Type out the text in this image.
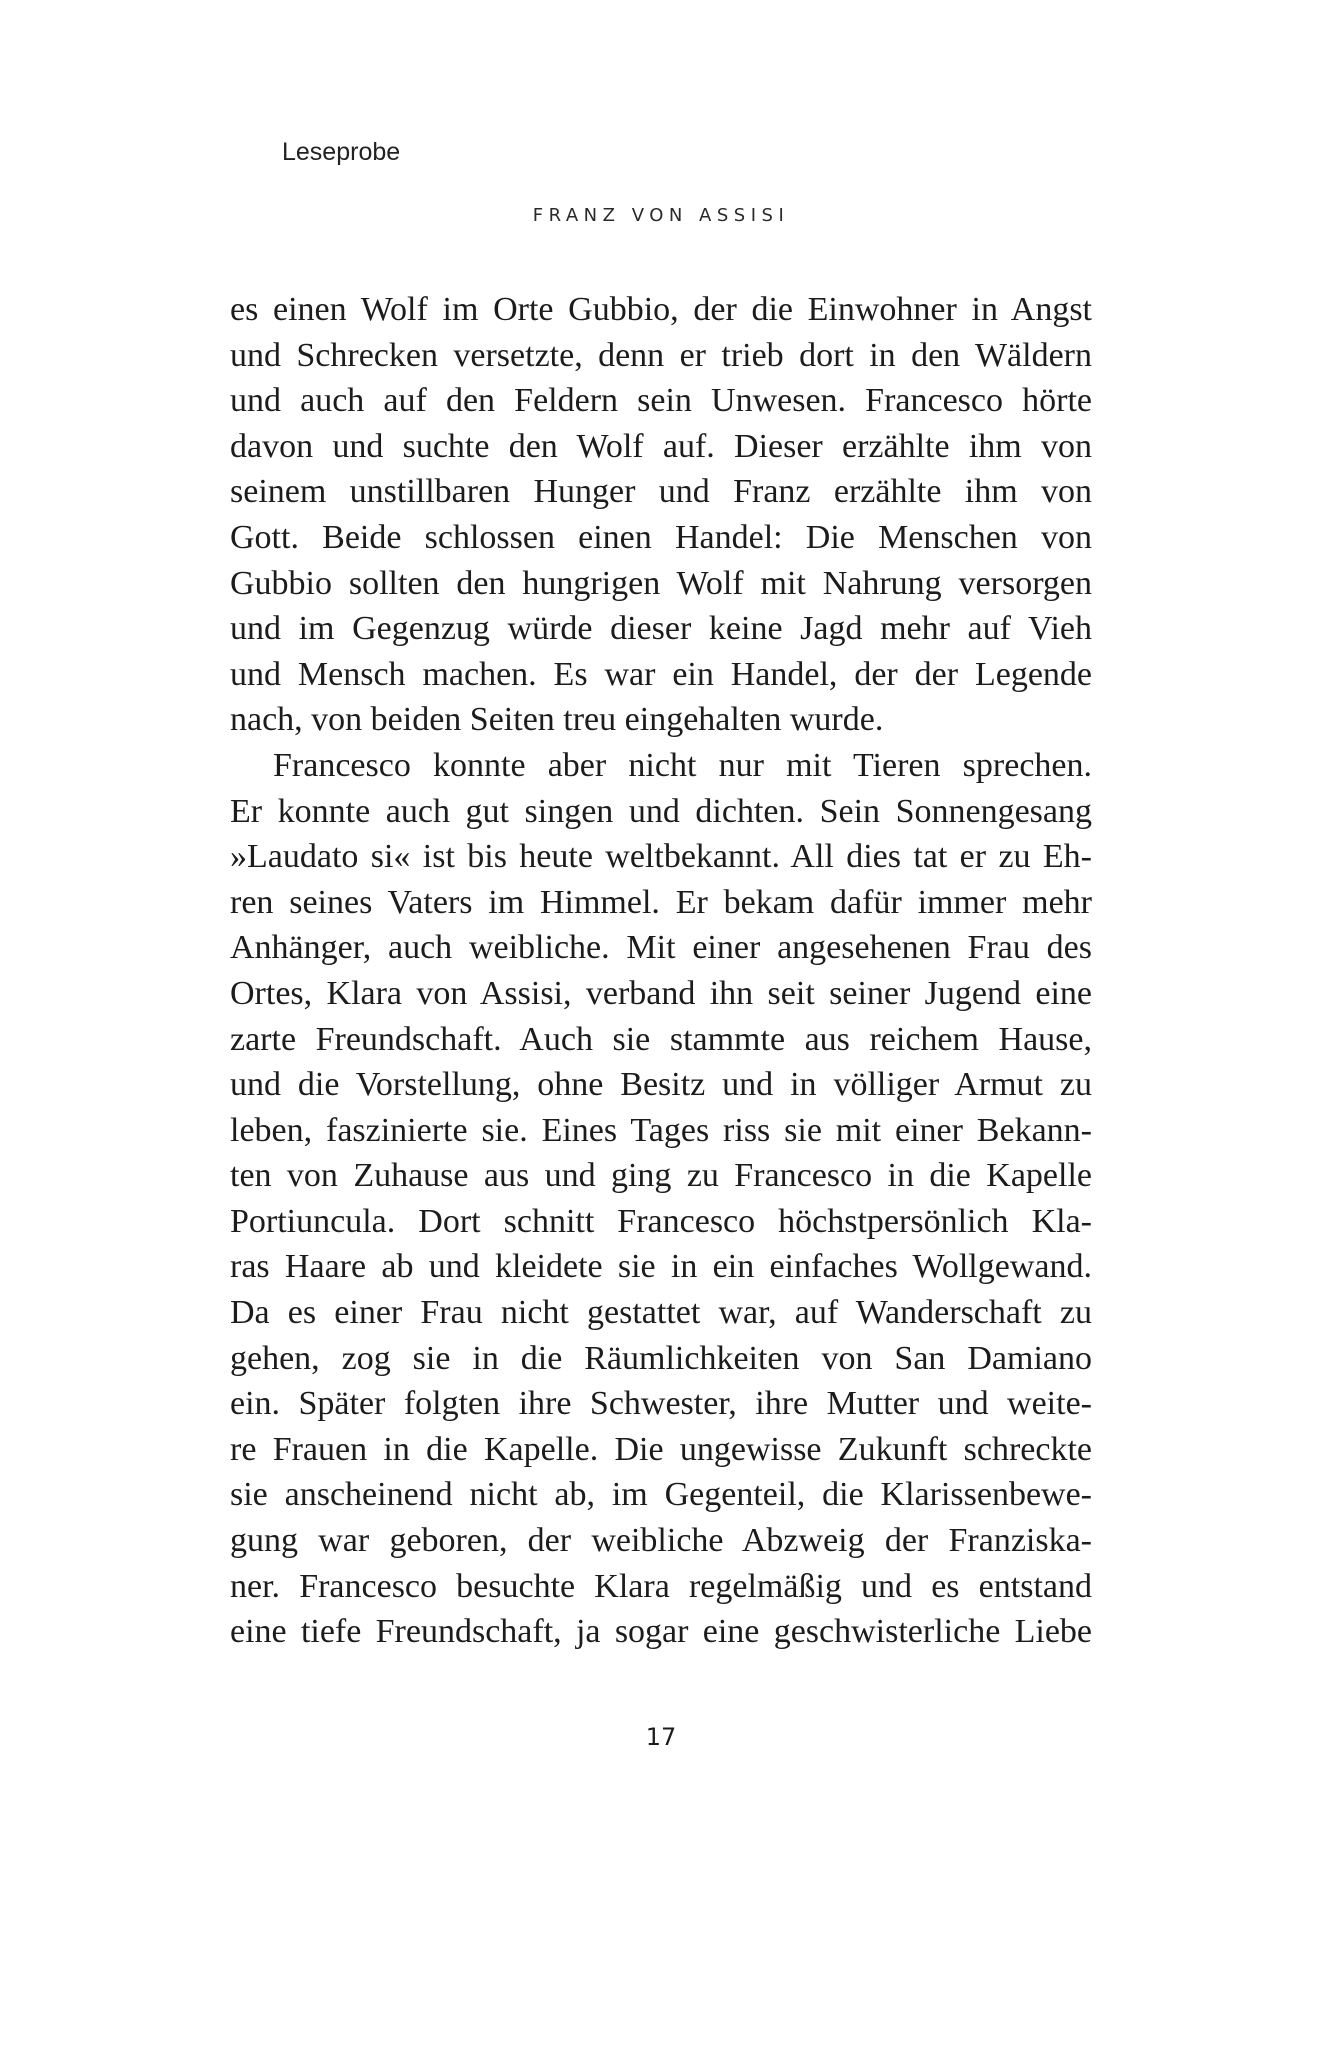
Leseprobe
FRANZ VON ASSISI
es einen Wolf im Orte Gubbio, der die Einwohner in Angst
und Schrecken versetzte, denn er trieb dort in den Wäldern
und auch auf den Feldern sein Unwesen. Francesco hörte
davon und suchte den Wolf auf. Dieser erzählte ihm von
seinem unstillbaren Hunger und Franz erzählte ihm von
Gott. Beide schlossen einen Handel: Die Menschen von
Gubbio sollten den hungrigen Wolf mit Nahrung versorgen
und im Gegenzug würde dieser keine Jagd mehr auf Vieh
und Mensch machen. Es war ein Handel, der der Legende
nach, von beiden Seiten treu eingehalten wurde.
Francesco konnte aber nicht nur mit Tieren sprechen.
Er konnte auch gut singen und dichten. Sein Sonnengesang
»Laudato si« ist bis heute weltbekannt. All dies tat er zu Eh-
ren seines Vaters im Himmel. Er bekam dafür immer mehr
Anhänger, auch weibliche. Mit einer angesehenen Frau des
Ortes, Klara von Assisi, verband ihn seit seiner Jugend eine
zarte Freundschaft. Auch sie stammte aus reichem Hause,
und die Vorstellung, ohne Besitz und in völliger Armut zu
leben, faszinierte sie. Eines Tages riss sie mit einer Bekann-
ten von Zuhause aus und ging zu Francesco in die Kapelle
Portiuncula. Dort schnitt Francesco höchstpersönlich Kla-
ras Haare ab und kleidete sie in ein einfaches Wollgewand.
Da es einer Frau nicht gestattet war, auf Wanderschaft zu
gehen, zog sie in die Räumlichkeiten von San Damiano
ein. Später folgten ihre Schwester, ihre Mutter und weite-
re Frauen in die Kapelle. Die ungewisse Zukunft schreckte
sie anscheinend nicht ab, im Gegenteil, die Klarissenbewe-
gung war geboren, der weibliche Abzweig der Franziska-
ner. Francesco besuchte Klara regelmäßig und es entstand
eine tiefe Freundschaft, ja sogar eine geschwisterliche Liebe
17
